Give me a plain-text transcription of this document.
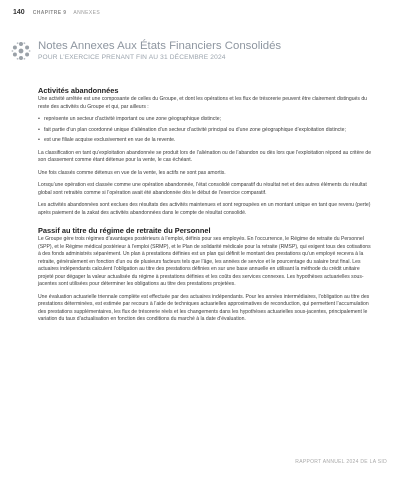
140 CHAPITRE 9 ANNEXES
Notes Annexes Aux États Financiers Consolidés
POUR L’EXERCICE PRENANT FIN AU 31 DÉCEMBRE 2024
Activités abandonnées

Une activité arrêtée est une composante de celles du Groupe, et dont les opérations et les flux de trésorerie peuvent être clairement distingués du reste des activités du Groupe et qui, par ailleurs :

• représente un secteur d’activité important ou une zone géographique distincte;
• fait partie d’un plan coordonné unique d’aliénation d’un secteur d’activité principal ou d’une zone géographique d’exploitation distincte;
• est une filiale acquise exclusivement en vue de la revente.

La classification en tant qu’exploitation abandonnée se produit lors de l’aliénation ou de l’abandon ou dès lors que l’exploitation répond au critère de son classement comme étant détenue pour la vente, le cas échéant.

Une fois classés comme détenus en vue de la vente, les actifs ne sont pas amortis.

Lorsqu’une opération est classée comme une opération abandonnée, l’état consolidé comparatif du résultat net et des autres éléments du résultat global sont retraités comme si l’opération avait été abandonnée dès le début de l’exercice comparatif.

Les activités abandonnées sont exclues des résultats des activités maintenues et sont regroupées en un montant unique en tant que revenu (perte) après paiement de la zakat des activités abandonnées dans le compte de résultat consolidé.

Passif au titre du régime de retraite du Personnel

Le Groupe gère trois régimes d’avantages postérieurs à l’emploi, définis pour ses employés. En l’occurrence, le Régime de retraite du Personnel (SPP), et le Régime médical postérieur à l’emploi (SRMP), et le Plan de solidarité médicale pour la retraite (RMSP), qui exigent tous des cotisations à des fonds administrés séparément. Un plan à prestations définies est un plan qui définit le montant des prestations qu’un employé recevra à la retraite, généralement en fonction d’un ou de plusieurs facteurs tels que l’âge, les années de service et le pourcentage du salaire brut final. Les actuaires indépendants calculent l’obligation au titre des prestations définies en sur une base annuelle en utilisant la méthode du crédit unitaire projeté pour dégager la valeur actualisée du régime à prestations définies et les coûts des services connexes. Les hypothèses actuarielles sous-jacentes sont utilisées pour déterminer les obligations au titre des prestations projetées.

Une évaluation actuarielle triennale complète est effectuée par des actuaires indépendants. Pour les années intermédiaires, l’obligation au titre des prestations déterminées, est estimée par recours à l’aide de techniques actuarielles approximatives de reconduction, qui permettent l’accumulation des prestations supplémentaires, les flux de trésorerie réels et les changements dans les hypothèses actuarielles sous-jacentes, principalement le variation du taux d’actualisation en fonction des conditions du marché à la date d’évaluation.

RAPPORT ANNUEL 2024 DE LA SID
